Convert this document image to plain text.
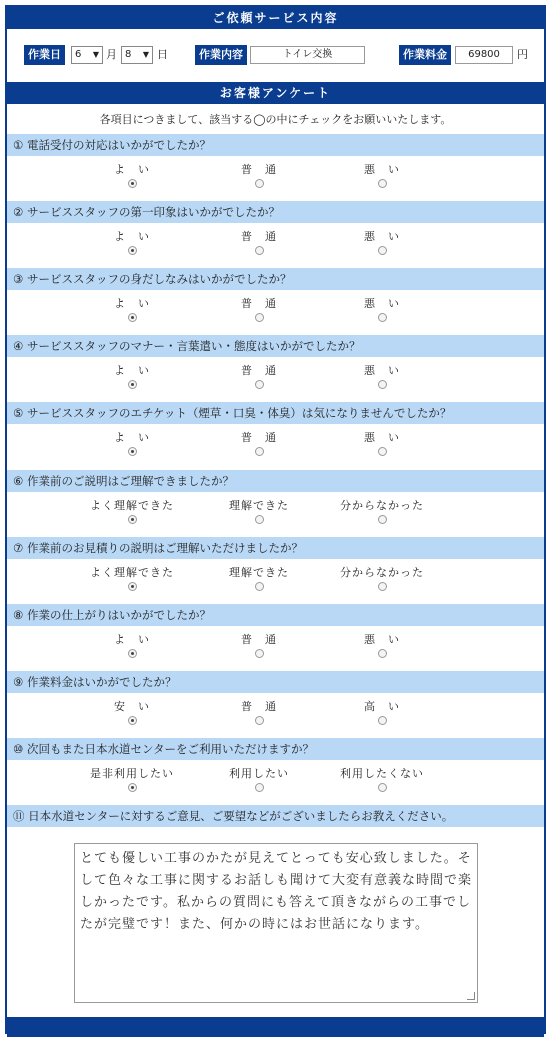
ご依頼サービス内容
作業日	6 ▼ 月 8 ▼ 日	作業内容	トイレ交換	作業料金	69800	円
お客様アンケート
各項目につきまして、該当する◯の中にチェックをお願いいたします。
① 電話受付の対応はいかがでしたか？
よ　い	普　通	悪　い
② サービススタッフの第一印象はいかがでしたか？
よ　い	普　通	悪　い
③ サービススタッフの身だしなみはいかがでしたか？
よ　い	普　通	悪　い
④ サービススタッフのマナー・言葉遣い・態度はいかがでしたか？
よ　い	普　通	悪　い
⑤ サービススタッフのエチケット（煙草・口臭・体臭）は気になりませんでしたか？
よ　い	普　通	悪　い
⑥ 作業前のご説明はご理解できましたか？
よく理解できた	理解できた	分からなかった
⑦ 作業前のお見積りの説明はご理解いただけましたか？
よく理解できた	理解できた	分からなかった
⑧ 作業の仕上がりはいかがでしたか？
よ　い	普　通	悪　い
⑨ 作業料金はいかがでしたか？
安　い	普　通	高　い
⑩ 次回もまた日本水道センターをご利用いただけますか？
是非利用したい	利用したい	利用したくない
⑪ 日本水道センターに対するご意見、ご要望などがございましたらお教えください。
とても優しい工事のかたが見えてとっても安心致しました。そして色々な工事に関するお話しも聞けて大変有意義な時間で楽しかったです。私からの質問にも答えて頂きながらの工事でしたが完璧です！また、何かの時にはお世話になります。
